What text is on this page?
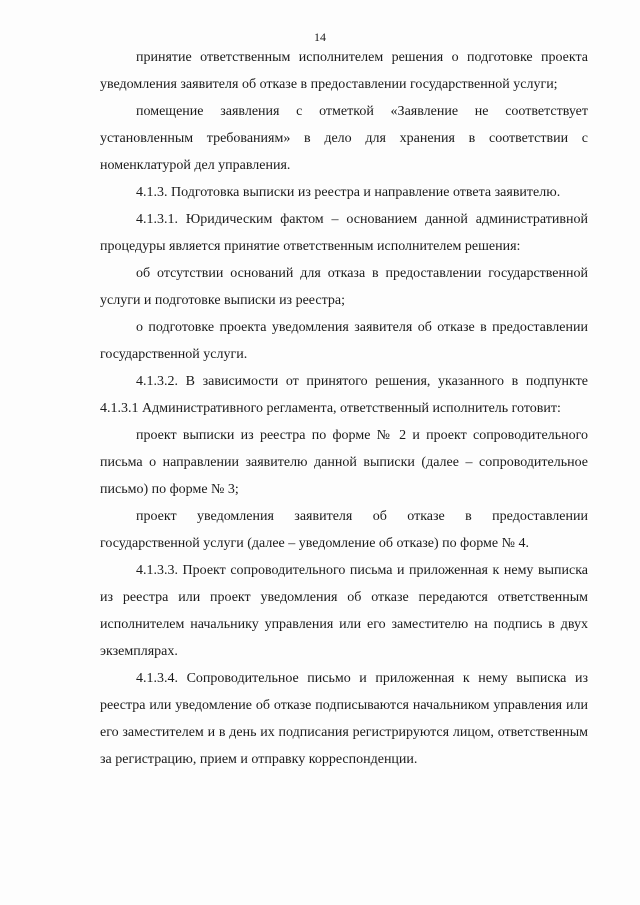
14

принятие ответственным исполнителем решения о подготовке проекта уведомления заявителя об отказе в предоставлении государственной услуги;

помещение заявления с отметкой «Заявление не соответствует установленным требованиям» в дело для хранения в соответствии с номенклатурой дел управления.

4.1.3. Подготовка выписки из реестра и направление ответа заявителю.

4.1.3.1. Юридическим фактом – основанием данной административной процедуры является принятие ответственным исполнителем решения:

об отсутствии оснований для отказа в предоставлении государственной услуги и подготовке выписки из реестра;

о подготовке проекта уведомления заявителя об отказе в предоставлении государственной услуги.

4.1.3.2. В зависимости от принятого решения, указанного в подпункте 4.1.3.1 Административного регламента, ответственный исполнитель готовит:

проект выписки из реестра по форме № 2 и проект сопроводительного письма о направлении заявителю данной выписки (далее – сопроводительное письмо) по форме № 3;

проект уведомления заявителя об отказе в предоставлении государственной услуги (далее – уведомление об отказе) по форме № 4.

4.1.3.3. Проект сопроводительного письма и приложенная к нему выписка из реестра или проект уведомления об отказе передаются ответственным исполнителем начальнику управления или его заместителю на подпись в двух экземплярах.

4.1.3.4. Сопроводительное письмо и приложенная к нему выписка из реестра или уведомление об отказе подписываются начальником управления или его заместителем и в день их подписания регистрируются лицом, ответственным за регистрацию, прием и отправку корреспонденции.
